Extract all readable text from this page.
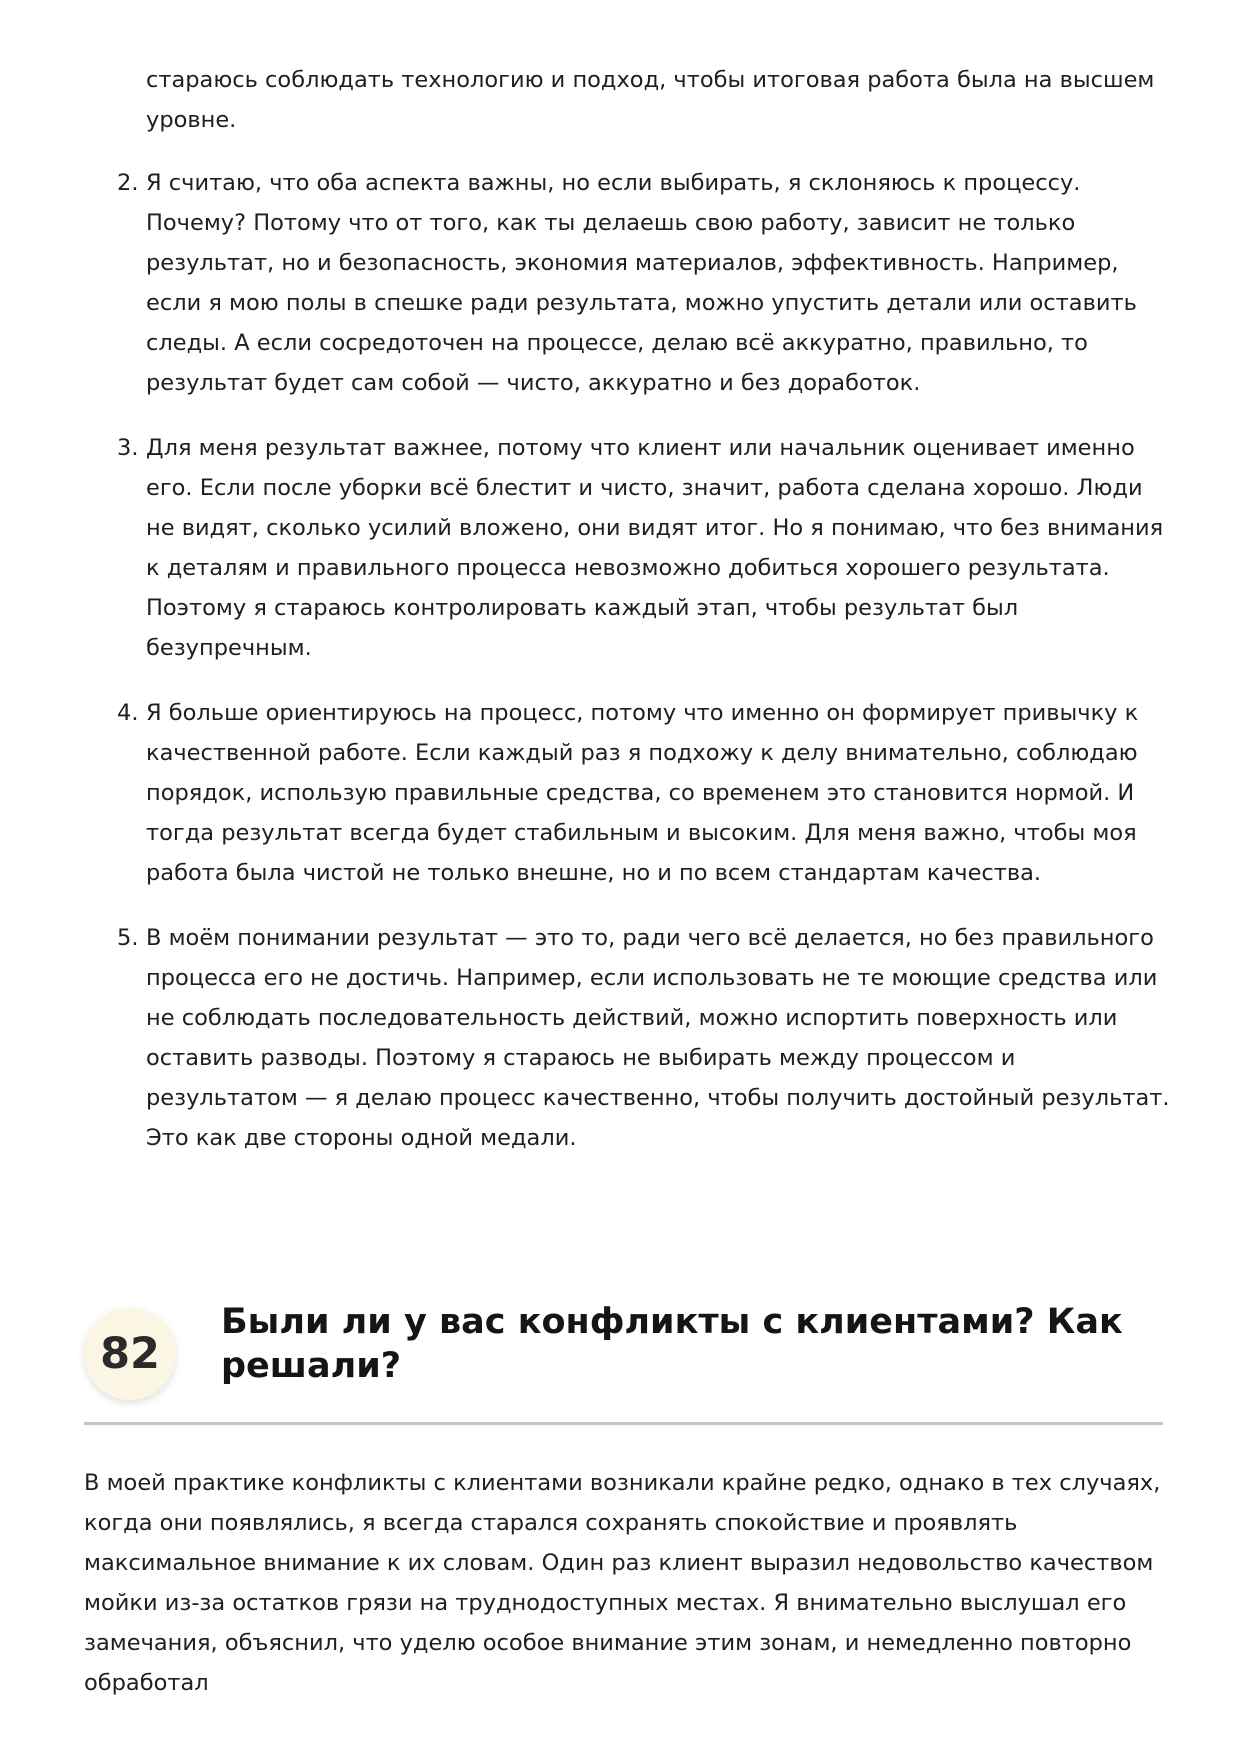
стараюсь соблюдать технологию и подход, чтобы итоговая работа была на высшем уровне.

2. Я считаю, что оба аспекта важны, но если выбирать, я склоняюсь к процессу. Почему? Потому что от того, как ты делаешь свою работу, зависит не только результат, но и безопасность, экономия материалов, эффективность. Например, если я мою полы в спешке ради результата, можно упустить детали или оставить следы. А если сосредоточен на процессе, делаю всё аккуратно, правильно, то результат будет сам собой — чисто, аккуратно и без доработок.
3. Для меня результат важнее, потому что клиент или начальник оценивает именно его. Если после уборки всё блестит и чисто, значит, работа сделана хорошо. Люди не видят, сколько усилий вложено, они видят итог. Но я понимаю, что без внимания к деталям и правильного процесса невозможно добиться хорошего результата. Поэтому я стараюсь контролировать каждый этап, чтобы результат был безупречным.
4. Я больше ориентируюсь на процесс, потому что именно он формирует привычку к качественной работе. Если каждый раз я подхожу к делу внимательно, соблюдаю порядок, использую правильные средства, со временем это становится нормой. И тогда результат всегда будет стабильным и высоким. Для меня важно, чтобы моя работа была чистой не только внешне, но и по всем стандартам качества.
5. В моём понимании результат — это то, ради чего всё делается, но без правильного процесса его не достичь. Например, если использовать не те моющие средства или не соблюдать последовательность действий, можно испортить поверхность или оставить разводы. Поэтому я стараюсь не выбирать между процессом и результатом — я делаю процесс качественно, чтобы получить достойный результат. Это как две стороны одной медали.
82
Были ли у вас конфликты с клиентами? Как решали?

В моей практике конфликты с клиентами возникали крайне редко, однако в тех случаях, когда они появлялись, я всегда старался сохранять спокойствие и проявлять максимальное внимание к их словам. Один раз клиент выразил недовольство качеством мойки из-за остатков грязи на труднодоступных местах. Я внимательно выслушал его замечания, объяснил, что уделю особое внимание этим зонам, и немедленно повторно обработал
